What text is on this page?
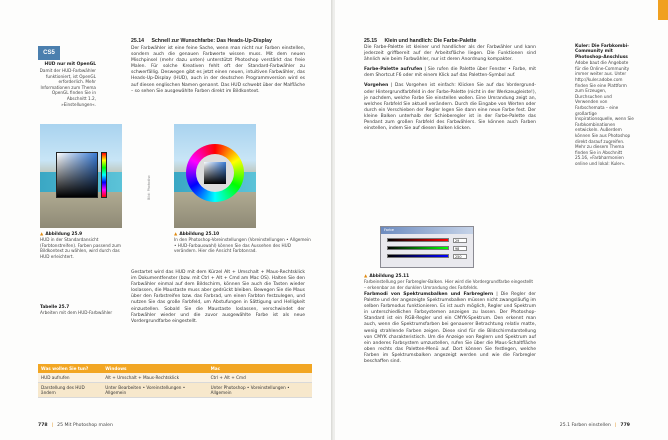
CS5
HUD nur mit OpenGL
Damit der HUD-Farbwähler funktioniert, ist OpenGL erforderlich. Mehr Informationen zum Thema OpenGL finden Sie in Abschnitt 1.2, »Einstellungen«.
25.14 Schnell zur Wunschfarbe: Das Heads-Up-Display
Der Farbwähler ist eine feine Sache, wenn man nicht nur Farben einstellen, sondern auch die genauen Farbwerte wissen muss. Mit dem neuen Mischpinsel (mehr dazu unten) unterstützt Photoshop verstärkt das freie Malen. Für solche Kreativen fehlt oft der Standard-Farbwähler zu schwerfällig. Deswegen gibt es jetzt einen neuen, intuitiven Farbwähler, das Heads-Up-Display (HUD), auch in der deutschen Programmversion wird es auf diesen englischen Namen genannt. Das HUD schwebt über der Malfläche – so sehen Sie ausgewählte Farben direkt im Bildkontext.
Bild: Photodisc
▲ Abbildung 25.9
HUD in der Standardansicht (Farbtonstreifen). Farben passend zum Bildkontext zu wählen, wird durch das HUD erleichtert.
▲ Abbildung 25.10
In den Photoshop-Voreinstellungen (Voreinstellungen • Allgemein • HUD-Farbauswahl) können Sie das Aussehen des HUD verändern. Hier die Ansicht Farbtonrad.
Gestartet wird das HUD mit dem Kürzel Alt + Umschalt + Maus-Rechtsklick im Dokumentfenster (bzw. mit Ctrl + Alt + Cmd am Mac OS). Halten Sie den Farbwähler einmal auf dem Bildschirm, können Sie auch die Tasten wieder loslassen, die Maustaste muss aber gedrückt bleiben. Bewegen Sie die Maus über den Farbstreifen bzw. das Farbrad, um einen Farbton festzulegen, und nutzen Sie das große Farbfeld, um Abstufungen in Sättigung und Helligkeit einzustellen. Sobald Sie die Maustaste loslassen, verschwindet der Farbwähler wieder und die zuvor ausgewählte Farbe ist als neue Vordergrundfarbe eingestellt.
Tabelle 25.7
Arbeiten mit dem HUD-Farbwähler
Was wollen Sie tun?	Windows	Mac
HUD aufrufen	Alt + Umschalt + Maus-Rechtsklick	Ctrl + Alt + Cmd
Darstellung des HUD ändern	Unter Bearbeiten • Voreinstellungen • Allgemein	Unter Photoshop • Voreinstellungen • Allgemein
778 | 25 Mit Photoshop malen
25.15 Klein und handlich: Die Farbe-Palette

Die Farbe-Palette ist kleiner und handlicher als der Farbwähler und kann jederzeit griffbereit auf der Arbeitsfläche liegen. Die Funktionen sind ähnlich wie beim Farbwähler, nur ist deren Anordnung kompakter.

Farbe-Palette aufrufen | Sie rufen die Palette über Fenster • Farbe, mit dem Shortcut F6 oder mit einem Klick auf das Paletten-Symbol auf.

Vorgehen | Das Vorgehen ist einfach: Klicken Sie auf das Vordergrund- oder Hintergrundfarbfeld in der Farbe-Palette (nicht in der Werkzeugleiste!), je nachdem, welche Farbe Sie einstellen wollen. Eine Umrandung zeigt an, welches Farbfeld Sie aktuell verändern. Durch die Eingabe von Werten oder durch ein Verschieben der Regler legen Sie dann eine neue Farbe fest. Der kleine Balken unterhalb der Schieberegler ist in der Farbe-Palette das Pendant zum großen Farbfeld des Farbwählers. Sie können auch Farben einstellen, indem Sie auf diesen Balken klicken.

Kuler: Die Farbkombi-Community mit Photoshop-Anschluss
Adobe baut die Angebote für die Online-Community immer weiter aus. Unter http://kuler.adobe.com finden Sie eine Plattform zum Erzeugen, Durchsuchen und Verwenden von Farbschemata – eine großartige Inspirationsquelle, wenn Sie Farbkombinationen entwickeln. Außerdem können Sie aus Photoshop direkt darauf zugreifen. Mehr zu diesem Thema finden Sie in Abschnitt 25.16, »Farbharmonien online und lokal: Kuler«.
Farbe
29
98
250
▲ Abbildung 25.11
Farbeinstellung per Farbregler-Balken. Hier wird die Vordergrundfarbe eingestellt – erkennbar an der dunklen Umrandung des Farbfelds.

Farbmodi von Spektrumsbalken und Farbreglern | Die Regler der Palette und der angezeigte Spektrumsbalken müssen nicht zwangsläufig im selben Farbmodus funktionieren. Es ist auch möglich, Regler und Spektrum in unterschiedlichen Farbsystemen anzeigen zu lassen. Der Photoshop-Standard ist ein RGB-Regler und ein CMYK-Spektrum. Den erkennt man auch, wenn die Spektrumsfarben bei genauerer Betrachtung relativ matte, wenig strahlende Farben zeigen. Diese sind für die Bildschirmdarstellung von CMYK charakteristisch. Um die Anzeige von Reglern und Spektrum auf ein anderes Farbsystem umzustellen, rufen Sie über die Maus-Schaltfläche oben rechts das Paletten-Menü auf. Dort können Sie festlegen, welche Farben im Spektrumsbalken angezeigt werden und wie die Farbregler beschaffen sind.

25.1 Farben einstellen | 779
